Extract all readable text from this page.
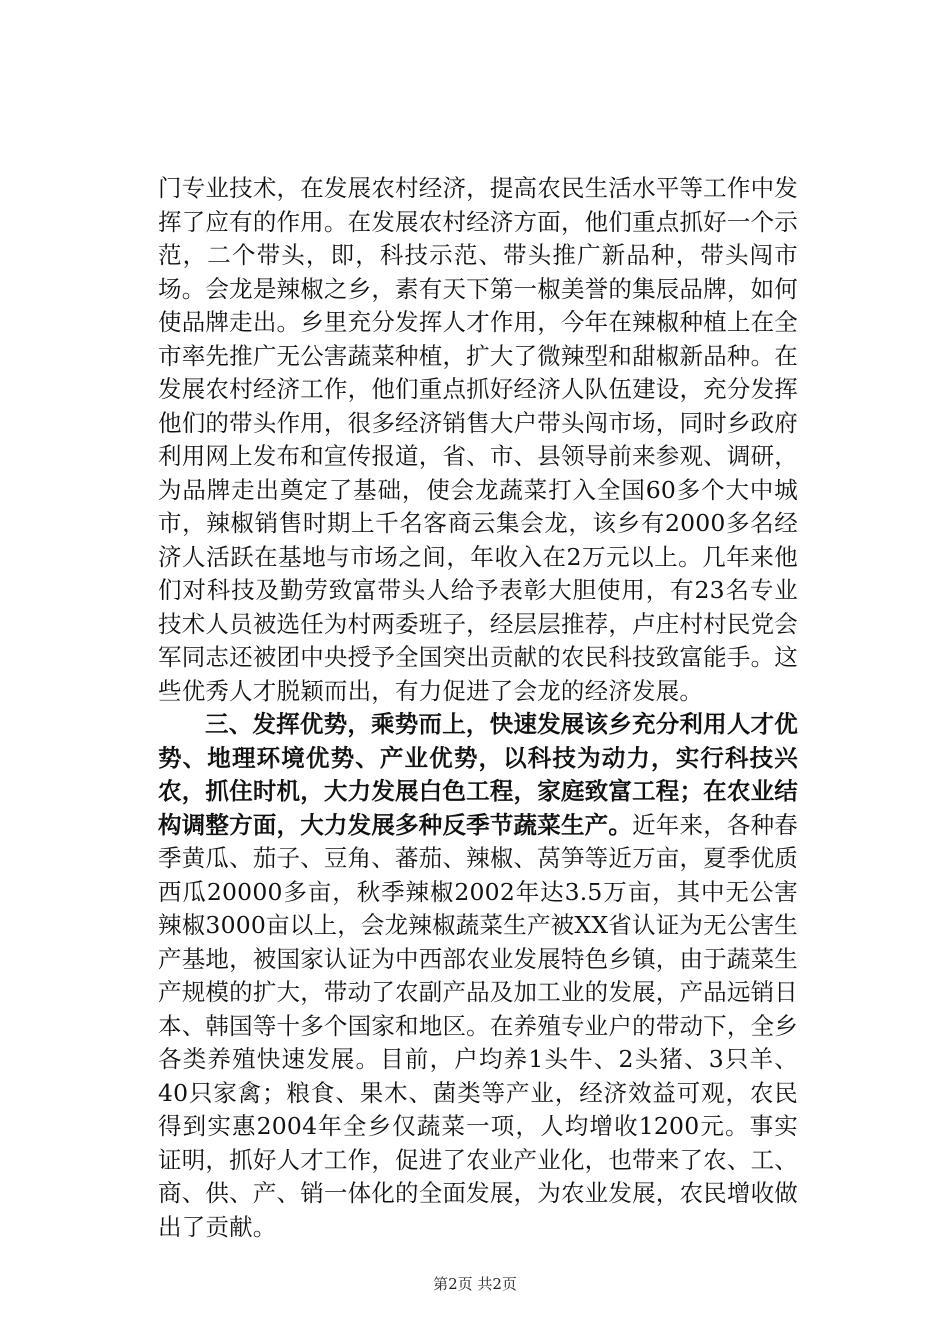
门专业技术，在发展农村经济，提高农民生活水平等工作中发挥了应有的作用。在发展农村经济方面，他们重点抓好一个示范，二个带头，即，科技示范、带头推广新品种，带头闯市场。会龙是辣椒之乡，素有天下第一椒美誉的集辰品牌，如何使品牌走出。乡里充分发挥人才作用，今年在辣椒种植上在全市率先推广无公害蔬菜种植，扩大了微辣型和甜椒新品种。在发展农村经济工作，他们重点抓好经济人队伍建设，充分发挥他们的带头作用，很多经济销售大户带头闯市场，同时乡政府利用网上发布和宣传报道，省、市、县领导前来参观、调研，为品牌走出奠定了基础，使会龙蔬菜打入全国60多个大中城市，辣椒销售时期上千名客商云集会龙，该乡有2000多名经济人活跃在基地与市场之间，年收入在2万元以上。几年来他们对科技及勤劳致富带头人给予表彰大胆使用，有23名专业技术人员被选任为村两委班子，经层层推荐，卢庄村村民党会军同志还被团中央授予全国突出贡献的农民科技致富能手。这些优秀人才脱颖而出，有力促进了会龙的经济发展。

三、发挥优势，乘势而上，快速发展该乡充分利用人才优势、地理环境优势、产业优势，以科技为动力，实行科技兴农，抓住时机，大力发展白色工程，家庭致富工程；在农业结构调整方面，大力发展多种反季节蔬菜生产。近年来，各种春季黄瓜、茄子、豆角、蕃茄、辣椒、莴笋等近万亩，夏季优质西瓜20000多亩，秋季辣椒2002年达3.5万亩，其中无公害辣椒3000亩以上，会龙辣椒蔬菜生产被XX省认证为无公害生产基地，被国家认证为中西部农业发展特色乡镇，由于蔬菜生产规模的扩大，带动了农副产品及加工业的发展，产品远销日本、韩国等十多个国家和地区。在养殖专业户的带动下，全乡各类养殖快速发展。目前，户均养1头牛、2头猪、3只羊、40只家禽；粮食、果木、菌类等产业，经济效益可观，农民得到实惠2004年全乡仅蔬菜一项，人均增收1200元。事实证明，抓好人才工作，促进了农业产业化，也带来了农、工、商、供、产、销一体化的全面发展，为农业发展，农民增收做出了贡献。

第2页 共2页
